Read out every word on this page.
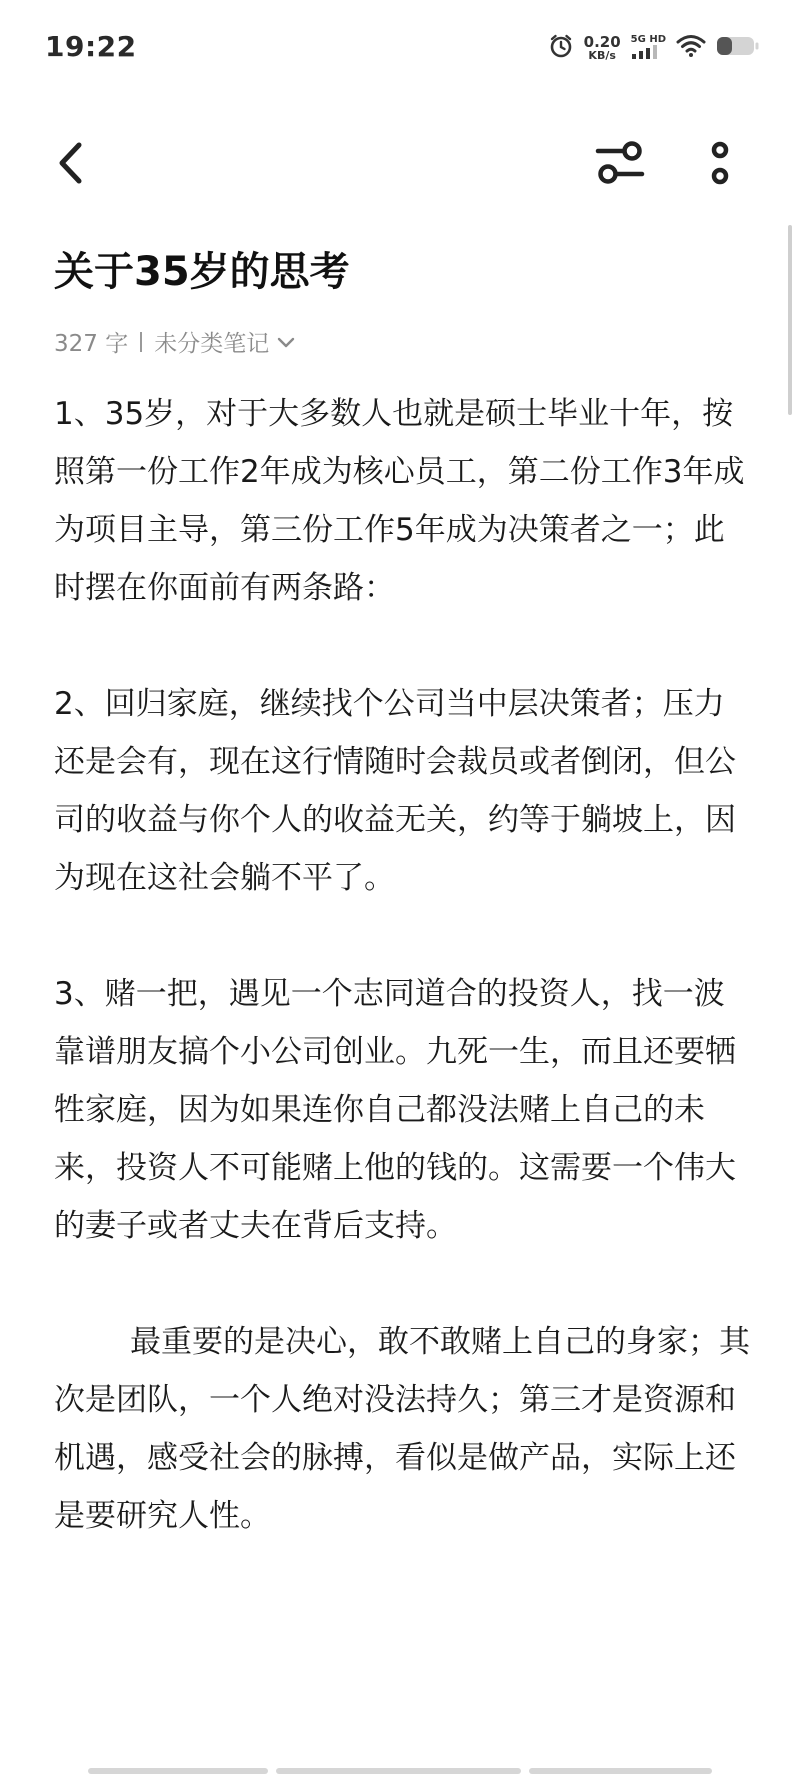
19:22	0.20
KB/s
5G HD
关于35岁的思考
327 字 未分类笔记

1、35岁，对于大多数人也就是硕士毕业十年，按照第一份工作2年成为核心员工，第二份工作3年成为项目主导，第三份工作5年成为决策者之一；此时摆在你面前有两条路：

2、回归家庭，继续找个公司当中层决策者；压力还是会有，现在这行情随时会裁员或者倒闭，但公司的收益与你个人的收益无关，约等于躺坡上，因为现在这社会躺不平了。

3、赌一把，遇见一个志同道合的投资人，找一波靠谱朋友搞个小公司创业。九死一生，而且还要牺牲家庭，因为如果连你自己都没法赌上自己的未来，投资人不可能赌上他的钱的。这需要一个伟大的妻子或者丈夫在背后支持。

最重要的是决心，敢不敢赌上自己的身家；其次是团队，一个人绝对没法持久；第三才是资源和机遇，感受社会的脉搏，看似是做产品，实际上还是要研究人性。
